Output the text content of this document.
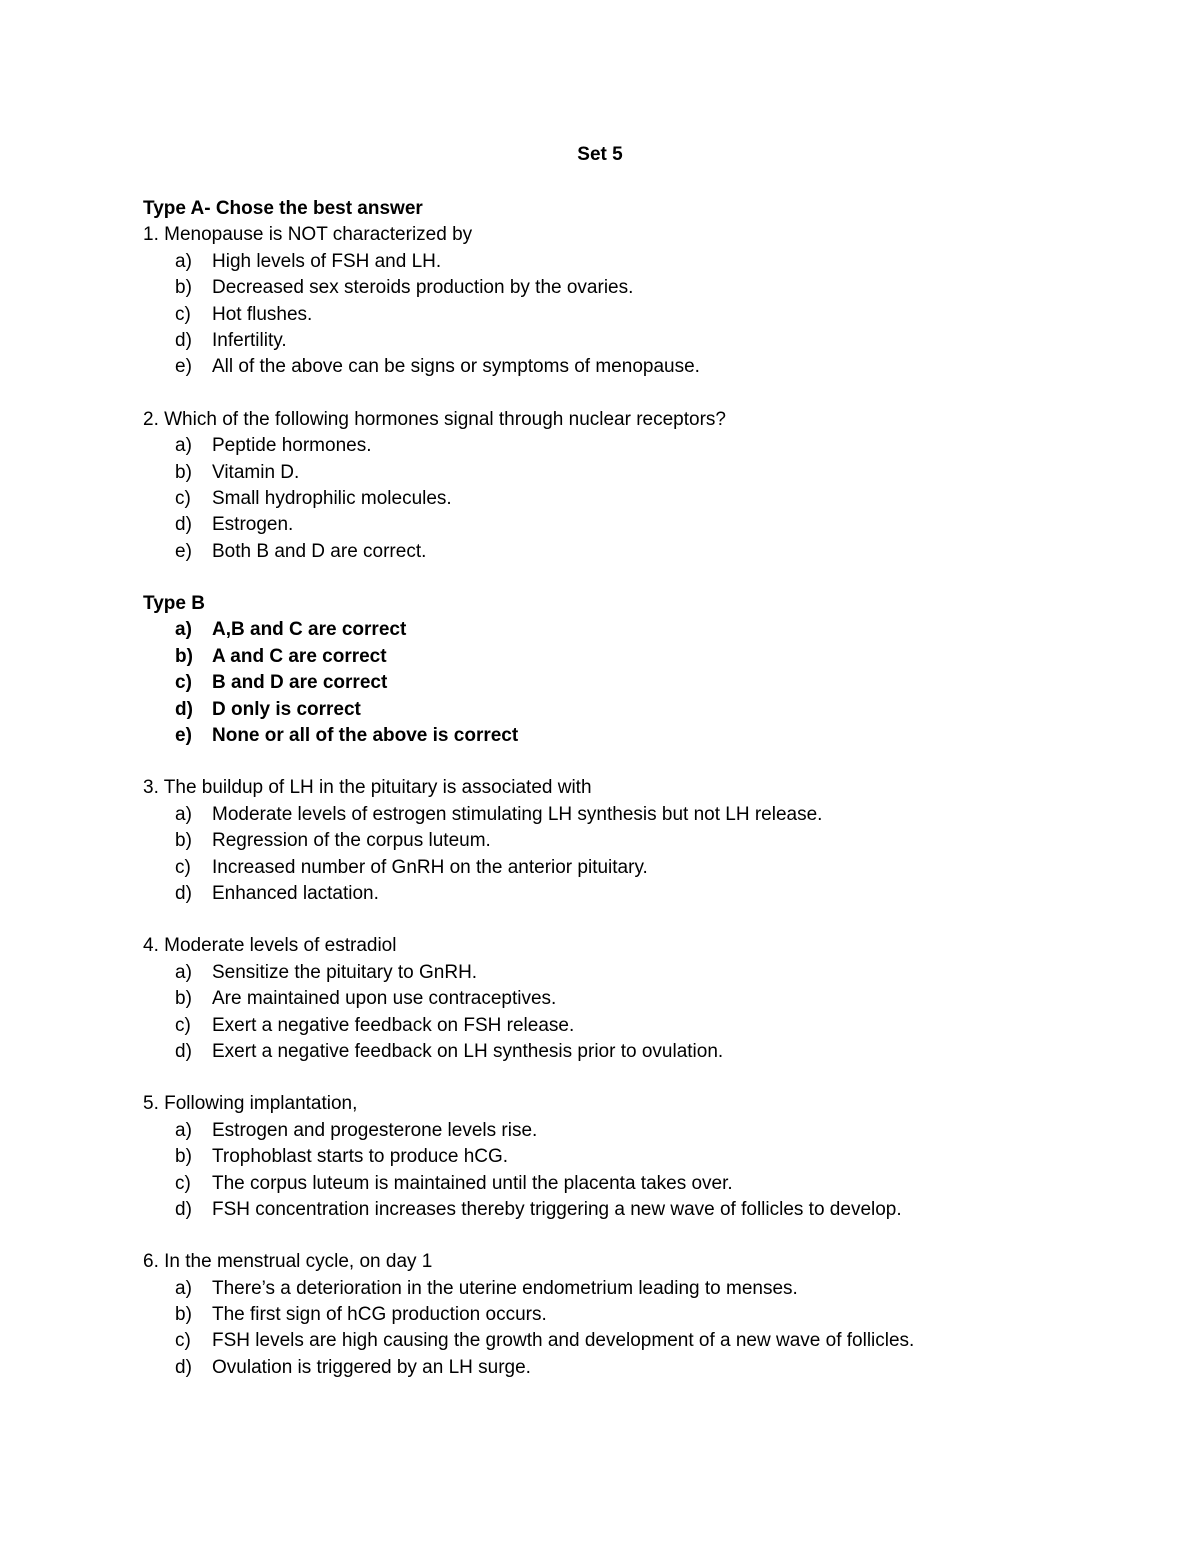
Set 5
Type A- Chose the best answer
1. Menopause is NOT characterized by
a) High levels of FSH and LH.
b) Decreased sex steroids production by the ovaries.
c) Hot flushes.
d) Infertility.
e) All of the above can be signs or symptoms of menopause.
2. Which of the following hormones signal through nuclear receptors?
a) Peptide hormones.
b) Vitamin D.
c) Small hydrophilic molecules.
d) Estrogen.
e) Both B and D are correct.
Type B
a) A,B and C are correct
b) A and C are correct
c) B and D are correct
d) D only is correct
e) None or all of the above is correct
3. The buildup of LH in the pituitary is associated with
a) Moderate levels of estrogen stimulating LH synthesis but not LH release.
b) Regression of the corpus luteum.
c) Increased number of GnRH on the anterior pituitary.
d) Enhanced lactation.
4. Moderate levels of estradiol
a) Sensitize the pituitary to GnRH.
b) Are maintained upon use contraceptives.
c) Exert a negative feedback on FSH release.
d) Exert a negative feedback on LH synthesis prior to ovulation.
5. Following implantation,
a) Estrogen and progesterone levels rise.
b) Trophoblast starts to produce hCG.
c) The corpus luteum is maintained until the placenta takes over.
d) FSH concentration increases thereby triggering a new wave of follicles to develop.
6. In the menstrual cycle, on day 1
a) There’s a deterioration in the uterine endometrium leading to menses.
b) The first sign of hCG production occurs.
c) FSH levels are high causing the growth and development of a new wave of follicles.
d) Ovulation is triggered by an LH surge.
